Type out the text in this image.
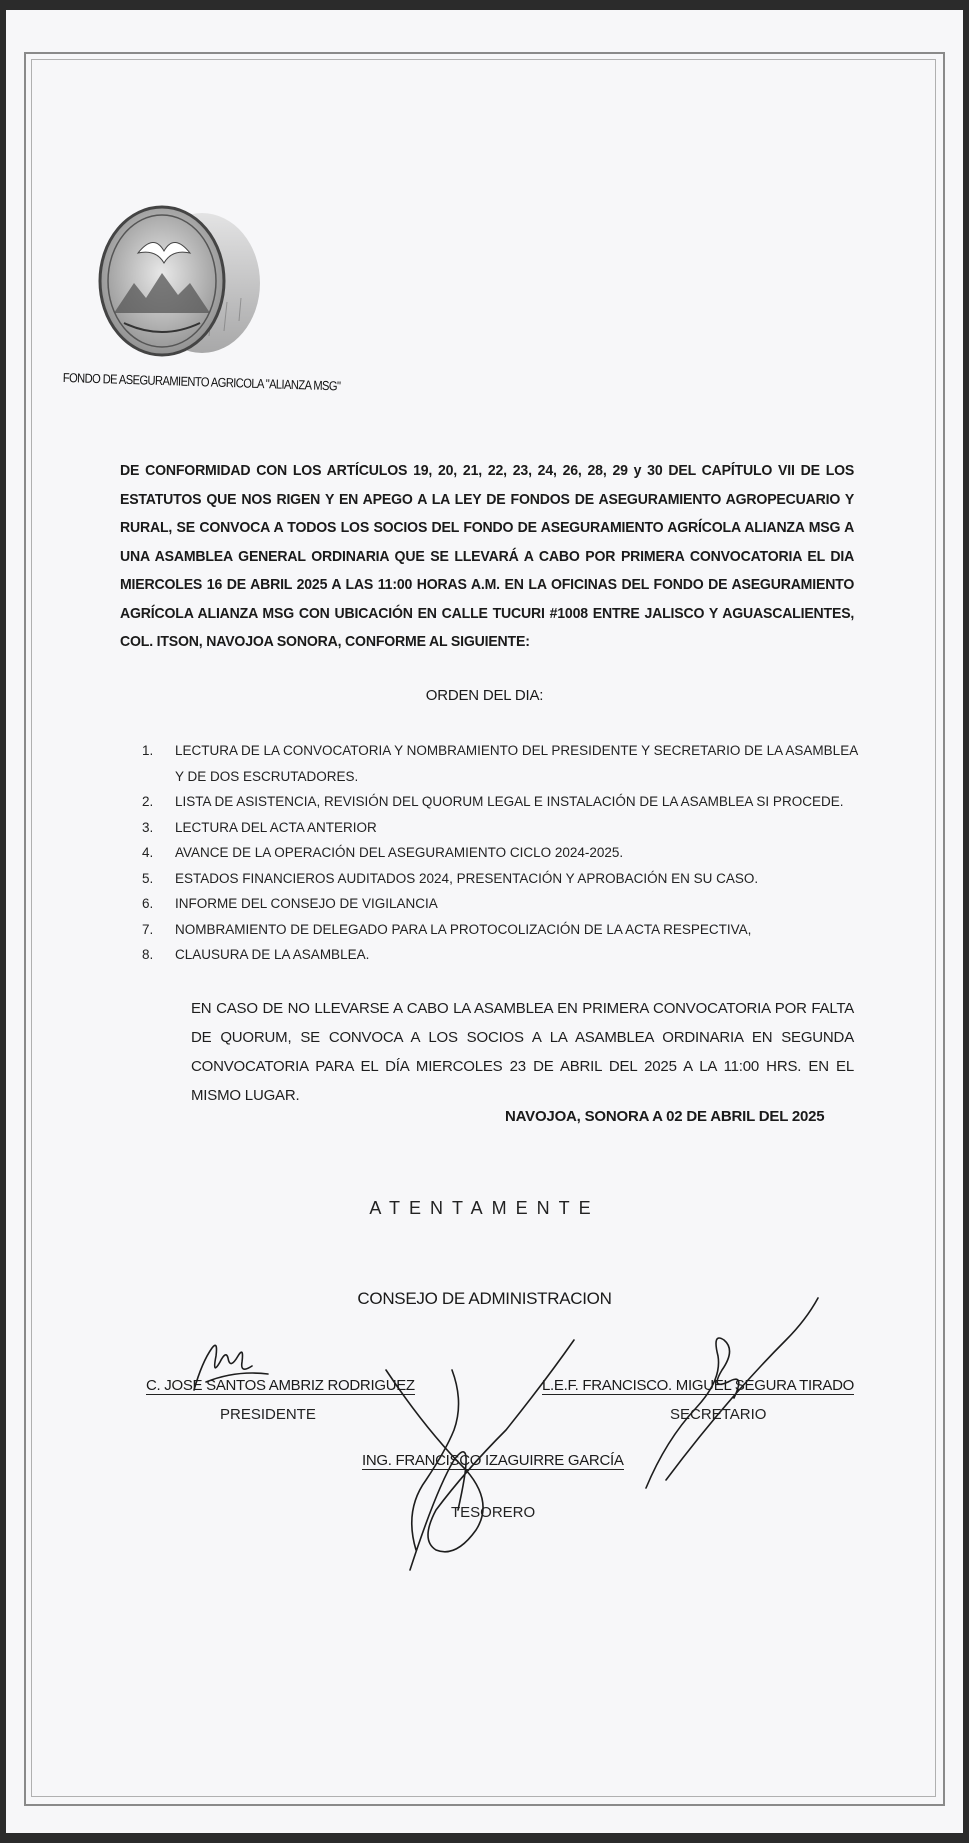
FONDO DE ASEGURAMIENTO AGRICOLA "ALIANZA MSG"

DE CONFORMIDAD CON LOS ARTÍCULOS 19, 20, 21, 22, 23, 24, 26, 28, 29 y 30 DEL CAPÍTULO VII DE LOS ESTATUTOS QUE NOS RIGEN Y EN APEGO A LA LEY DE FONDOS DE ASEGURAMIENTO AGROPECUARIO Y RURAL, SE CONVOCA A TODOS LOS SOCIOS DEL FONDO DE ASEGURAMIENTO AGRÍCOLA ALIANZA MSG A UNA ASAMBLEA GENERAL ORDINARIA QUE SE LLEVARÁ A CABO POR PRIMERA CONVOCATORIA EL DIA MIERCOLES 16 DE ABRIL 2025 A LAS 11:00 HORAS A.M. EN LA OFICINAS DEL FONDO DE ASEGURAMIENTO AGRÍCOLA ALIANZA MSG CON UBICACIÓN EN CALLE TUCURI #1008 ENTRE JALISCO Y AGUASCALIENTES, COL. ITSON, NAVOJOA SONORA, CONFORME AL SIGUIENTE:

ORDEN DEL DIA:
1. LECTURA DE LA CONVOCATORIA Y NOMBRAMIENTO DEL PRESIDENTE Y SECRETARIO DE LA ASAMBLEA Y DE DOS ESCRUTADORES.
2. LISTA DE ASISTENCIA, REVISIÓN DEL QUORUM LEGAL E INSTALACIÓN DE LA ASAMBLEA SI PROCEDE.
3. LECTURA DEL ACTA ANTERIOR
4. AVANCE DE LA OPERACIÓN DEL ASEGURAMIENTO CICLO 2024-2025.
5. ESTADOS FINANCIEROS AUDITADOS 2024, PRESENTACIÓN Y APROBACIÓN EN SU CASO.
6. INFORME DEL CONSEJO DE VIGILANCIA
7. NOMBRAMIENTO DE DELEGADO PARA LA PROTOCOLIZACIÓN DE LA ACTA RESPECTIVA,
8. CLAUSURA DE LA ASAMBLEA.

EN CASO DE NO LLEVARSE A CABO LA ASAMBLEA EN PRIMERA CONVOCATORIA POR FALTA DE QUORUM, SE CONVOCA A LOS SOCIOS A LA ASAMBLEA ORDINARIA EN SEGUNDA CONVOCATORIA PARA EL DÍA MIERCOLES 23 DE ABRIL DEL 2025 A LA 11:00 HRS. EN EL MISMO LUGAR.

NAVOJOA, SONORA A 02 DE ABRIL DEL 2025
ATENTAMENTE
CONSEJO DE ADMINISTRACION
C. JOSE SANTOS AMBRIZ RODRIGUEZ
PRESIDENTE
L.E.F. FRANCISCO. MIGUEL SEGURA TIRADO
SECRETARIO
ING. FRANCISCO IZAGUIRRE GARCÍA
TESORERO
